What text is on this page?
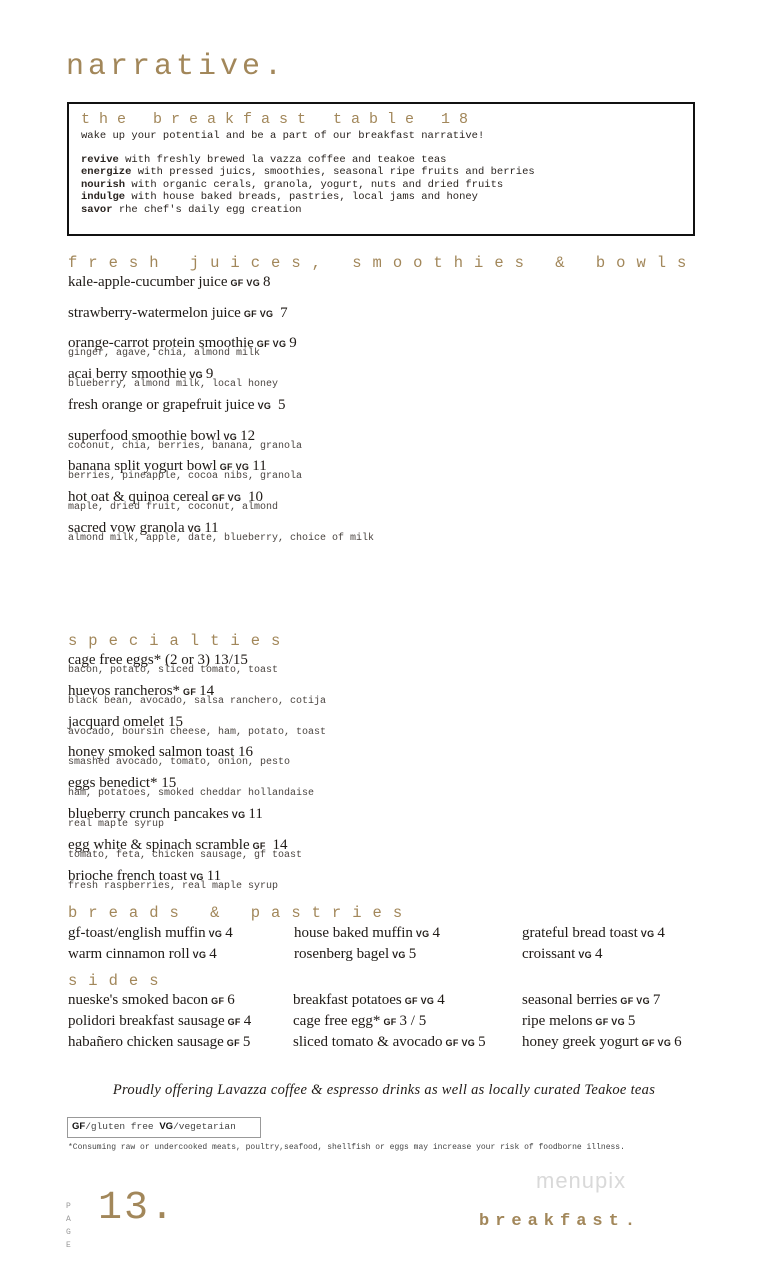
narrative.
the breakfast table 18
wake up your potential and be a part of our breakfast narrative!
revive with freshly brewed la vazza coffee and teakoe teas
energize with pressed juics, smoothies, seasonal ripe fruits and berries
nourish with organic cerals, granola, yogurt, nuts and dried fruits
indulge with house baked breads, pastries, local jams and honey
savor rhe chef's daily egg creation
fresh juices, smoothies & bowls
kale-apple-cucumber juice GF VG 8
strawberry-watermelon juice GF VG 7
orange-carrot protein smoothie GF VG 9
ginger, agave, chia, almond milk
acai berry smoothie VG 9
blueberry, almond milk, local honey
fresh orange or grapefruit juice VG 5
superfood smoothie bowl VG 12
coconut, chia, berries, banana, granola
banana split yogurt bowl GF VG 11
berries, pineapple, cocoa nibs, granola
hot oat & quinoa cereal GF VG 10
maple, dried fruit, coconut, almond
sacred vow granola VG 11
almond milk, apple, date, blueberry, choice of milk
specialties
cage free eggs* (2 or 3) 13/15
bacon, potato, sliced tomato, toast
huevos rancheros* GF 14
black bean, avocado, salsa ranchero, cotija
jacquard omelet 15
avocado, boursin cheese, ham, potato, toast
honey smoked salmon toast 16
smashed avocado, tomato, onion, pesto
eggs benedict* 15
ham, potatoes, smoked cheddar hollandaise
blueberry crunch pancakes VG 11
real maple syrup
egg white & spinach scramble GF 14
tomato, feta, chicken sausage, gf toast
brioche french toast VG 11
fresh raspberries, real maple syrup
breads & pastries
gf-toast/english muffin VG 4	house baked muffin VG 4	grateful bread toast VG 4
warm cinnamon roll VG 4	rosenberg bagel VG 5	croissant VG 4
sides
nueske's smoked bacon GF 6	breakfast potatoes GF VG 4	seasonal berries GF VG 7
polidori breakfast sausage GF 4	cage free egg* GF 3 / 5	ripe melons GF VG 5
habañero chicken sausage GF 5	sliced tomato & avocado GF VG 5 honey greek yogurt GF VG 6
Proudly offering Lavazza coffee & espresso drinks as well as locally curated Teakoe teas
GF/gluten free VG/vegetarian
*Consuming raw or undercooked meats, poultry,seafood, shellfish or eggs may increase your risk of foodborne illness.
menupix
P
A
G
E
13.	breakfast.
